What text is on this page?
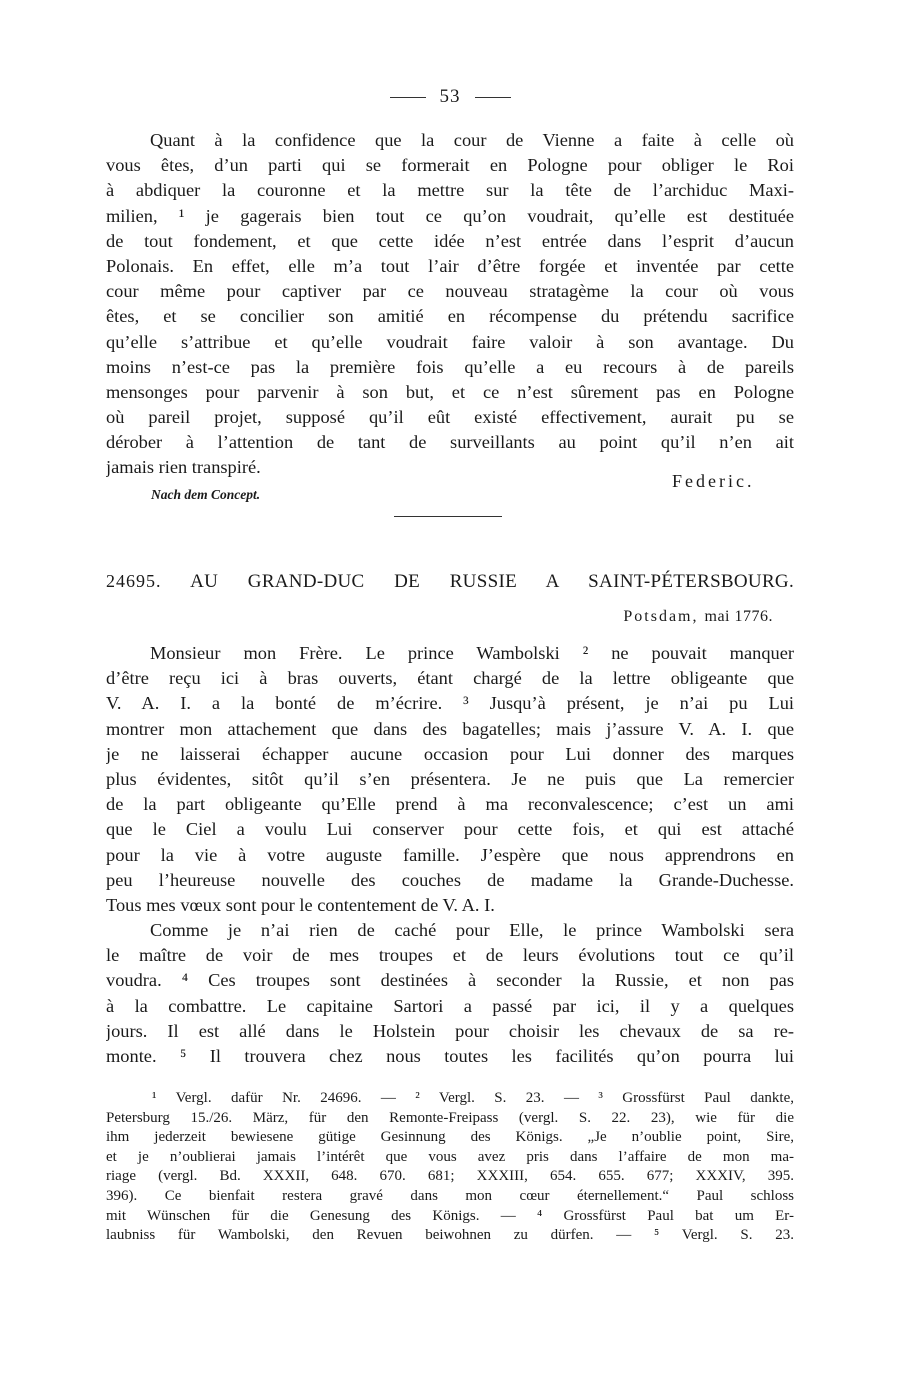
53
Quant à la confidence que la cour de Vienne a faite à celle où
vous êtes, d’un parti qui se formerait en Pologne pour obliger le Roi
à abdiquer la couronne et la mettre sur la tête de l’archiduc Maxi-
milien, ¹ je gagerais bien tout ce qu’on voudrait, qu’elle est destituée
de tout fondement, et que cette idée n’est entrée dans l’esprit d’aucun
Polonais. En effet, elle m’a tout l’air d’être forgée et inventée par cette
cour même pour captiver par ce nouveau stratagème la cour où vous
êtes, et se concilier son amitié en récompense du prétendu sacrifice
qu’elle s’attribue et qu’elle voudrait faire valoir à son avantage. Du
moins n’est-ce pas la première fois qu’elle a eu recours à de pareils
mensonges pour parvenir à son but, et ce n’est sûrement pas en Pologne
où pareil projet, supposé qu’il eût existé effectivement, aurait pu se
dérober à l’attention de tant de surveillants au point qu’il n’en ait
jamais rien transpiré.
Federic.
Nach dem Concept.
24695. AU GRAND-DUC DE RUSSIE A SAINT-PÉTERSBOURG.
Potsdam, mai 1776.
Monsieur mon Frère. Le prince Wambolski ² ne pouvait manquer
d’être reçu ici à bras ouverts, étant chargé de la lettre obligeante que
V. A. I. a la bonté de m’écrire. ³ Jusqu’à présent, je n’ai pu Lui
montrer mon attachement que dans des bagatelles; mais j’assure V. A. I. que
je ne laisserai échapper aucune occasion pour Lui donner des marques
plus évidentes, sitôt qu’il s’en présentera. Je ne puis que La remercier
de la part obligeante qu’Elle prend à ma reconvalescence; c’est un ami
que le Ciel a voulu Lui conserver pour cette fois, et qui est attaché
pour la vie à votre auguste famille. J’espère que nous apprendrons en
peu l’heureuse nouvelle des couches de madame la Grande-Duchesse.
Tous mes vœux sont pour le contentement de V. A. I.
Comme je n’ai rien de caché pour Elle, le prince Wambolski sera
le maître de voir de mes troupes et de leurs évolutions tout ce qu’il
voudra. ⁴ Ces troupes sont destinées à seconder la Russie, et non pas
à la combattre. Le capitaine Sartori a passé par ici, il y a quelques
jours. Il est allé dans le Holstein pour choisir les chevaux de sa re-
monte. ⁵ Il trouvera chez nous toutes les facilités qu’on pourra lui
¹ Vergl. dafür Nr. 24696. — ² Vergl. S. 23. — ³ Grossfürst Paul dankte,
Petersburg 15./26. März, für den Remonte-Freipass (vergl. S. 22. 23), wie für die
ihm jederzeit bewiesene gütige Gesinnung des Königs. „Je n’oublie point, Sire,
et je n’oublierai jamais l’intérêt que vous avez pris dans l’affaire de mon ma-
riage (vergl. Bd. XXXII, 648. 670. 681; XXXIII, 654. 655. 677; XXXIV, 395.
396). Ce bienfait restera gravé dans mon cœur éternellement.“ Paul schloss
mit Wünschen für die Genesung des Königs. — ⁴ Grossfürst Paul bat um Er-
laubniss für Wambolski, den Revuen beiwohnen zu dürfen. — ⁵ Vergl. S. 23.
